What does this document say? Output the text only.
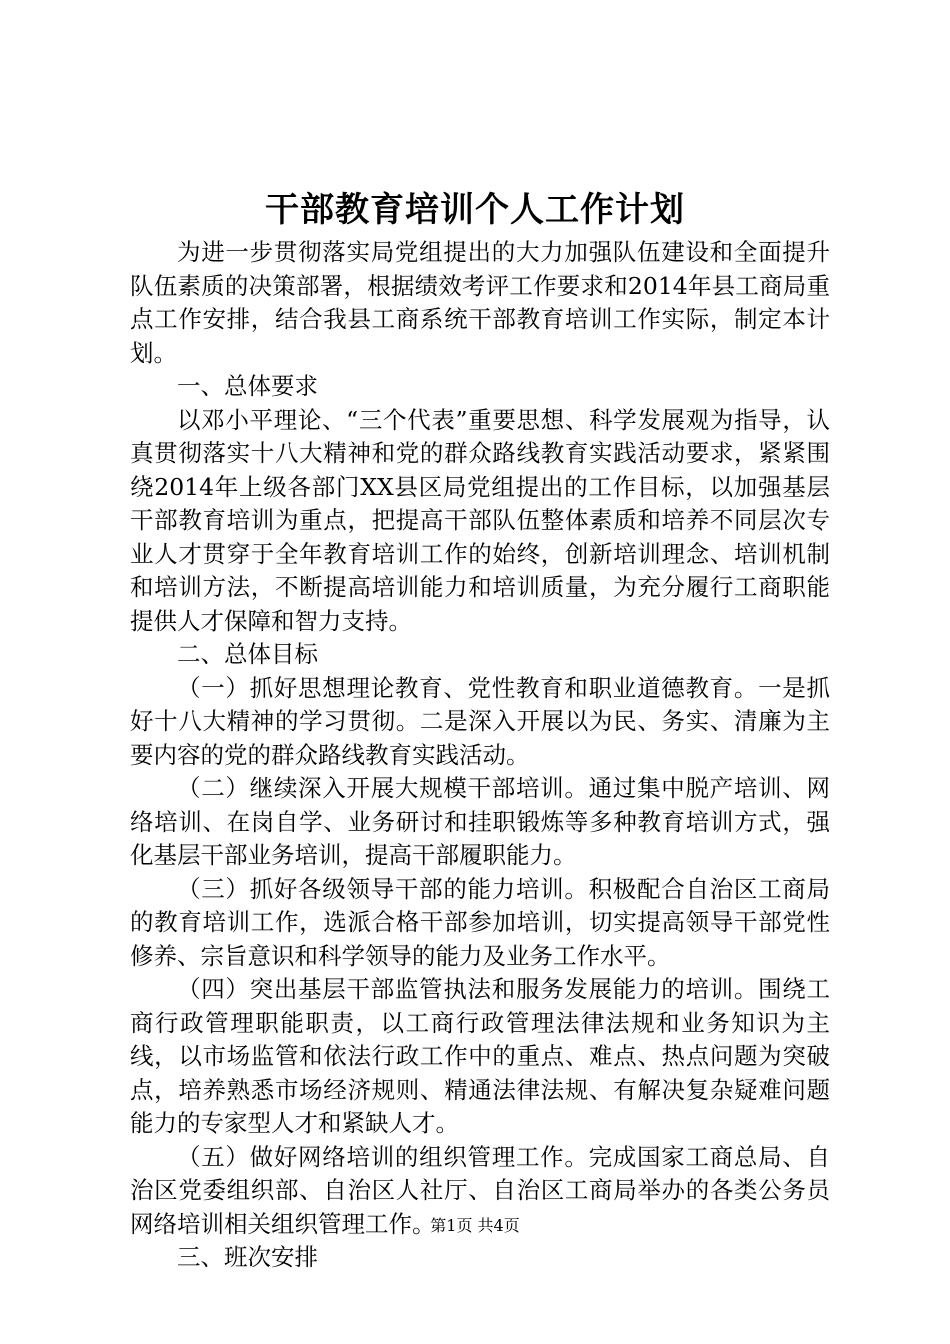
干部教育培训个人工作计划

为进一步贯彻落实局党组提出的大力加强队伍建设和全面提升队伍素质的决策部署，根据绩效考评工作要求和2014年县工商局重点工作安排，结合我县工商系统干部教育培训工作实际，制定本计划。

一、总体要求

以邓小平理论、“三个代表”重要思想、科学发展观为指导，认真贯彻落实十八大精神和党的群众路线教育实践活动要求，紧紧围绕2014年上级各部门XX县区局党组提出的工作目标，以加强基层干部教育培训为重点，把提高干部队伍整体素质和培养不同层次专业人才贯穿于全年教育培训工作的始终，创新培训理念、培训机制和培训方法，不断提高培训能力和培训质量，为充分履行工商职能提供人才保障和智力支持。

二、总体目标

（一）抓好思想理论教育、党性教育和职业道德教育。一是抓好十八大精神的学习贯彻。二是深入开展以为民、务实、清廉为主要内容的党的群众路线教育实践活动。

（二）继续深入开展大规模干部培训。通过集中脱产培训、网络培训、在岗自学、业务研讨和挂职锻炼等多种教育培训方式，强化基层干部业务培训，提高干部履职能力。

（三）抓好各级领导干部的能力培训。积极配合自治区工商局的教育培训工作，选派合格干部参加培训，切实提高领导干部党性修养、宗旨意识和科学领导的能力及业务工作水平。

（四）突出基层干部监管执法和服务发展能力的培训。围绕工商行政管理职能职责，以工商行政管理法律法规和业务知识为主线，以市场监管和依法行政工作中的重点、难点、热点问题为突破点，培养熟悉市场经济规则、精通法律法规、有解决复杂疑难问题能力的专家型人才和紧缺人才。

（五）做好网络培训的组织管理工作。完成国家工商总局、自治区党委组织部、自治区人社厅、自治区工商局举办的各类公务员网络培训相关组织管理工作。

三、班次安排

第1页 共4页
